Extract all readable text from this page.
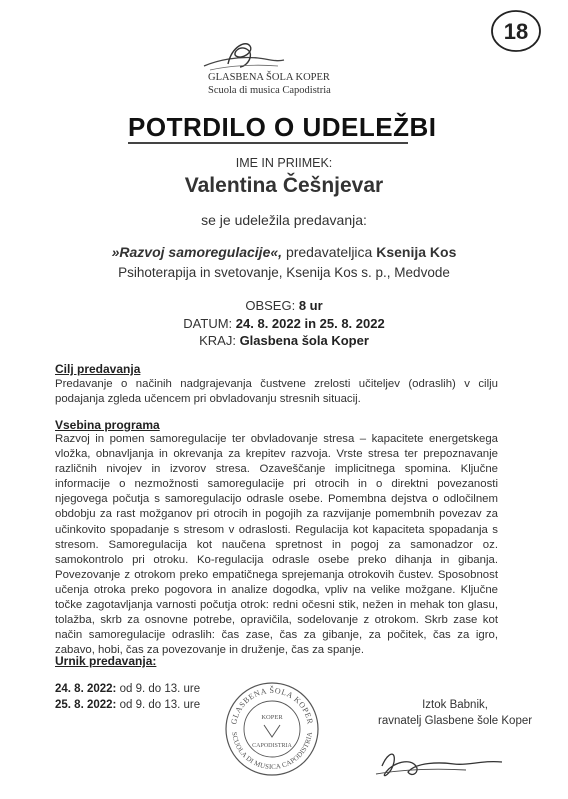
GLASBENA ŠOLA KOPER
Scuola di musica Capodistria
18
POTRDILO O UDELEŽBI
IME IN PRIIMEK:
Valentina Češnjevar
se je udeležila predavanja:
»Razvoj samoregulacije«, predavateljica Ksenija Kos
Psihoterapija in svetovanje, Ksenija Kos s. p., Medvode
OBSEG: 8 ur
DATUM: 24. 8. 2022 in 25. 8. 2022
KRAJ: Glasbena šola Koper
Cilj predavanja
Predavanje o načinih nadgrajevanja čustvene zrelosti učiteljev (odraslih) v cilju podajanja zgleda učencem pri obvladovanju stresnih situacij.
Vsebina programa
Razvoj in pomen samoregulacije ter obvladovanje stresa – kapacitete energetskega vložka, obnavljanja in okrevanja za krepitev razvoja. Vrste stresa ter prepoznavanje različnih nivojev in izvorov stresa. Ozaveščanje implicitnega spomina. Ključne informacije o nezmožnosti samoregulacije pri otrocih in o direktni povezanosti njegovega počutja s samoregulacijo odrasle osebe. Pomembna dejstva o odločilnem obdobju za rast možganov pri otrocih in pogojih za razvijanje pomembnih povezav za učinkovito spopadanje s stresom v odraslosti. Regulacija kot kapaciteta spopadanja s stresom. Samoregulacija kot naučena spretnost in pogoj za samonadzor oz. samokontrolo pri otroku. Ko-regulacija odrasle osebe preko dihanja in gibanja. Povezovanje z otrokom preko empatičnega sprejemanja otrokovih čustev. Sposobnost učenja otroka preko pogovora in analize dogodka, vpliv na velike možgane. Ključne točke zagotavljanja varnosti počutja otrok: redni očesni stik, nežen in mehak ton glasu, tolažba, skrb za osnovne potrebe, opravičila, sodelovanje z otrokom. Skrb zase kot način samoregulacije odraslih: čas zase, čas za gibanje, za počitek, čas za igro, zabavo, hobi, čas za povezovanje in druženje, čas za spanje.
Urnik predavanja:
24. 8. 2022: od 9. do 13. ure
25. 8. 2022: od 9. do 13. ure
GLASBENA ŠOLA KOPER
SCUOLA DI MUSICA CAPODISTRIA
KOPER
CAPODISTRIA
Iztok Babnik,
ravnatelj Glasbene šole Koper
